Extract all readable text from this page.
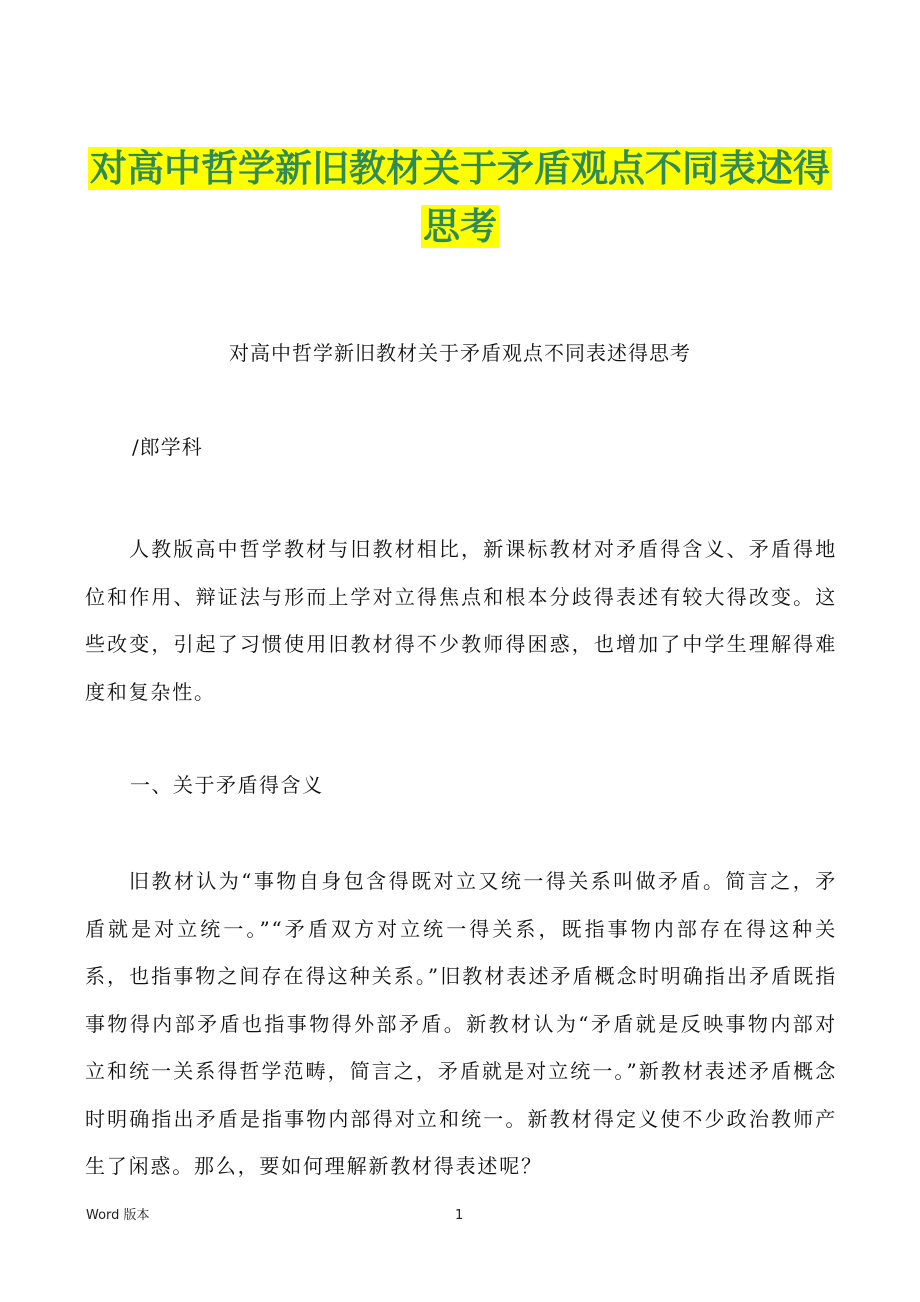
对高中哲学新旧教材关于矛盾观点不同表述得
思考
对高中哲学新旧教材关于矛盾观点不同表述得思考
/郎学科

人教版高中哲学教材与旧教材相比，新课标教材对矛盾得含义、矛盾得地位和作用、辩证法与形而上学对立得焦点和根本分歧得表述有较大得改变。这些改变，引起了习惯使用旧教材得不少教师得困惑，也增加了中学生理解得难度和复杂性。

一、关于矛盾得含义

旧教材认为“事物自身包含得既对立又统一得关系叫做矛盾。简言之，矛盾就是对立统一。”“矛盾双方对立统一得关系，既指事物内部存在得这种关系，也指事物之间存在得这种关系。”旧教材表述矛盾概念时明确指出矛盾既指事物得内部矛盾也指事物得外部矛盾。新教材认为“矛盾就是反映事物内部对立和统一关系得哲学范畴，简言之，矛盾就是对立统一。”新教材表述矛盾概念时明确指出矛盾是指事物内部得对立和统一。新教材得定义使不少政治教师产生了闲惑。那么，要如何理解新教材得表述呢？

Word 版本	1
